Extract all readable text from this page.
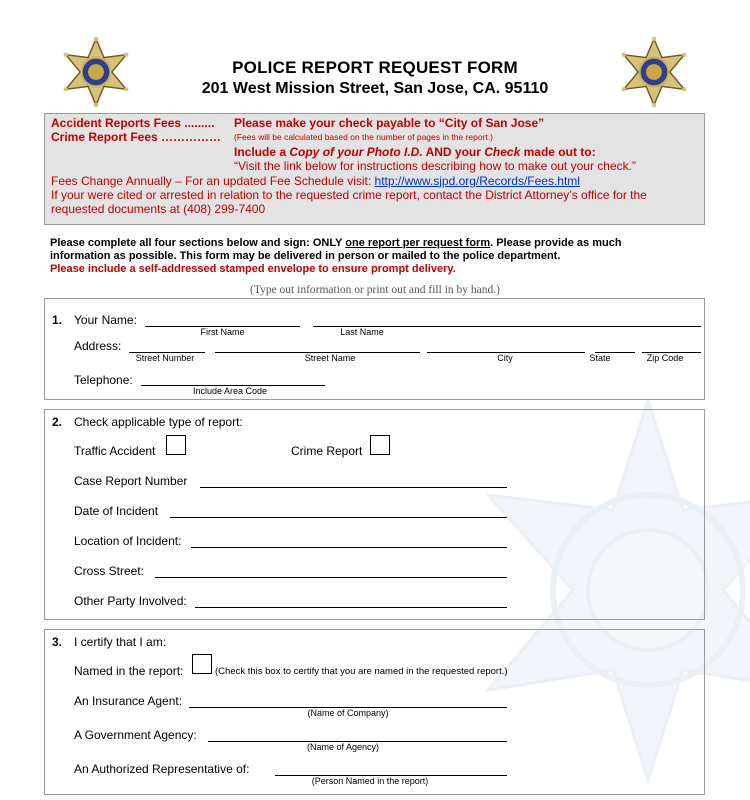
POLICE REPORT REQUEST FORM
201 West Mission Street, San Jose, CA. 95110
Accident Reports Fees ......... Please make your check payable to “City of San Jose”
Crime Report Fees …………… (Fees will be calculated based on the number of pages in the report.)
Include a Copy of your Photo I.D. AND your Check made out to:
“Visit the link below for instructions describing how to make out your check.”
Fees Change Annually – For an updated Fee Schedule visit: http://www.sjpd.org/Records/Fees.html
If your were cited or arrested in relation to the requested crime report, contact the District Attorney’s office for the
requested documents at (408) 299-7400
Please complete all four sections below and sign: ONLY one report per request form. Please provide as much
information as possible. This form may be delivered in person or mailed to the police department.
Please include a self-addressed stamped envelope to ensure prompt delivery.
(Type out information or print out and fill in by hand.)
1. Your Name:
First Name	Last Name
Address:
Street Number	Street Name	City	State	Zip Code
Telephone:
Include Area Code
2. Check applicable type of report:
Traffic Accident	Crime Report
Case Report Number
Date of Incident
Location of Incident:
Cross Street:
Other Party Involved:
3. I certify that I am:
Named in the report:	(Check this box to certify that you are named in the requested report.)
An Insurance Agent:
(Name of Company)
A Government Agency:
(Name of Agency)
An Authorized Representative of:
(Person Named in the report)
